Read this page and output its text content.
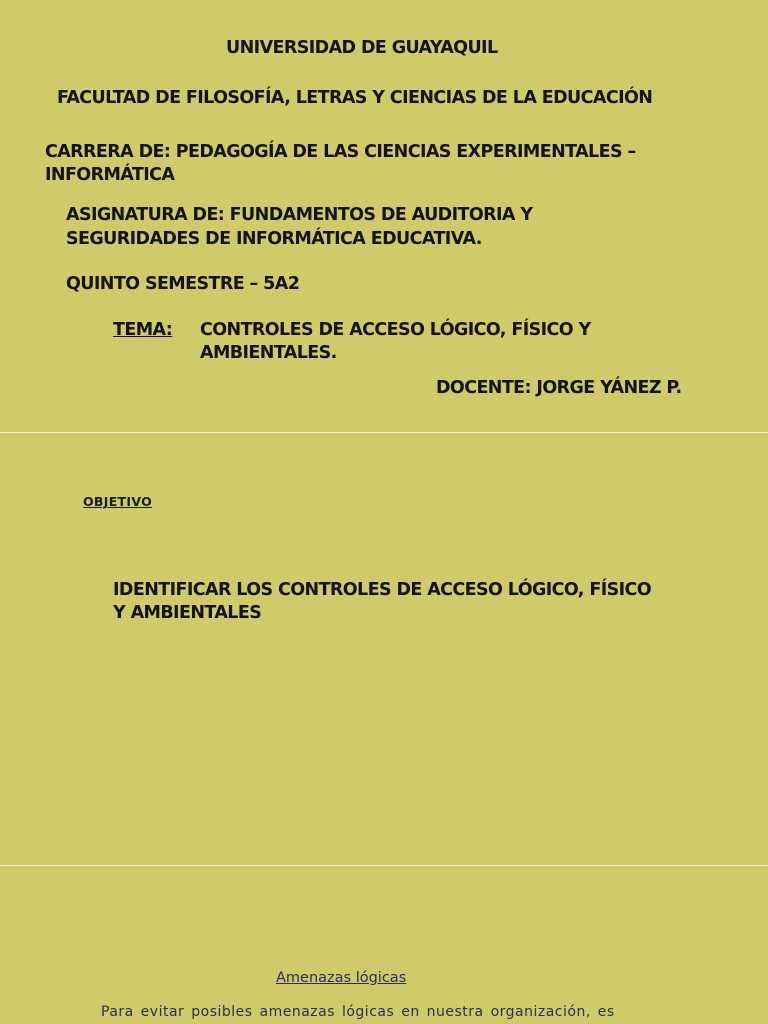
UNIVERSIDAD DE GUAYAQUIL

FACULTAD DE FILOSOFÍA, LETRAS Y CIENCIAS DE LA EDUCACIÓN

CARRERA DE: PEDAGOGÍA DE LAS CIENCIAS EXPERIMENTALES –

INFORMÁTICA

ASIGNATURA DE: FUNDAMENTOS DE AUDITORIA Y

SEGURIDADES DE INFORMÁTICA EDUCATIVA.

QUINTO SEMESTRE – 5A2

TEMA: CONTROLES DE ACCESO LÓGICO, FÍSICO Y

AMBIENTALES.

DOCENTE: JORGE YÁNEZ P.

OBJETIVO

IDENTIFICAR LOS CONTROLES DE ACCESO LÓGICO, FÍSICO

Y AMBIENTALES

Amenazas lógicas
Para evitar posibles amenazas lógicas en nuestra organización, es
